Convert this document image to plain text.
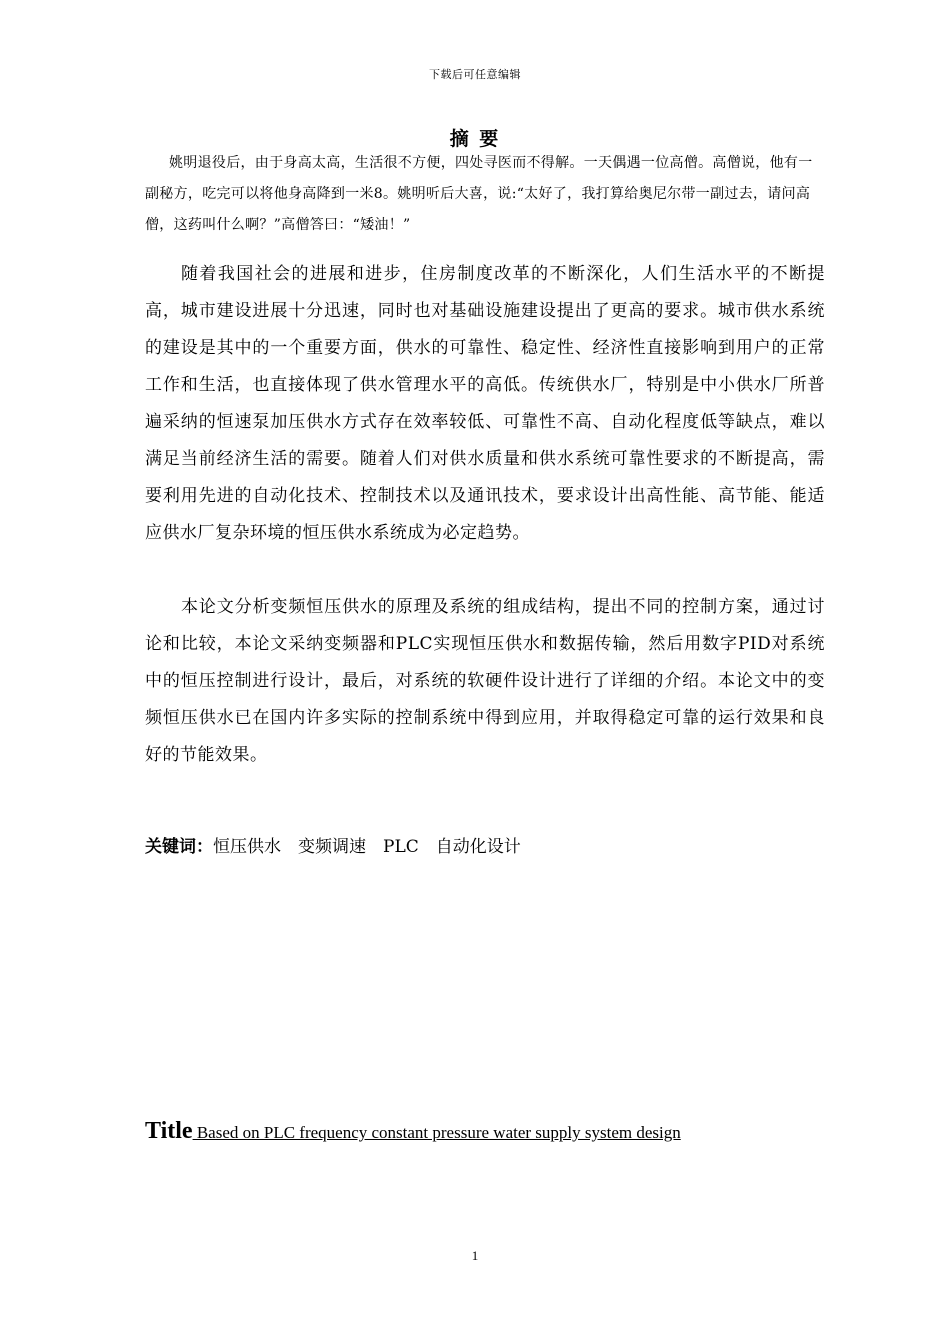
下载后可任意编辑
摘 要

姚明退役后，由于身高太高，生活很不方便，四处寻医而不得解。一天偶遇一位高僧。高僧说，他有一副秘方，吃完可以将他身高降到一米8。姚明听后大喜，说:“太好了，我打算给奥尼尔带一副过去，请问高僧，这药叫什么啊？”高僧答曰：“矮油！”

随着我国社会的进展和进步，住房制度改革的不断深化，人们生活水平的不断提高，城市建设进展十分迅速，同时也对基础设施建设提出了更高的要求。城市供水系统的建设是其中的一个重要方面，供水的可靠性、稳定性、经济性直接影响到用户的正常工作和生活，也直接体现了供水管理水平的高低。传统供水厂，特别是中小供水厂所普遍采纳的恒速泵加压供水方式存在效率较低、可靠性不高、自动化程度低等缺点，难以满足当前经济生活的需要。随着人们对供水质量和供水系统可靠性要求的不断提高，需要利用先进的自动化技术、控制技术以及通讯技术，要求设计出高性能、高节能、能适应供水厂复杂环境的恒压供水系统成为必定趋势。

本论文分析变频恒压供水的原理及系统的组成结构，提出不同的控制方案，通过讨论和比较，本论文采纳变频器和PLC实现恒压供水和数据传输，然后用数字PID对系统中的恒压控制进行设计，最后，对系统的软硬件设计进行了详细的介绍。本论文中的变频恒压供水已在国内许多实际的控制系统中得到应用，并取得稳定可靠的运行效果和良好的节能效果。

关键词：恒压供水　变频调速　PLC　自动化设计
Title Based on PLC frequency constant pressure water supply system design
1
